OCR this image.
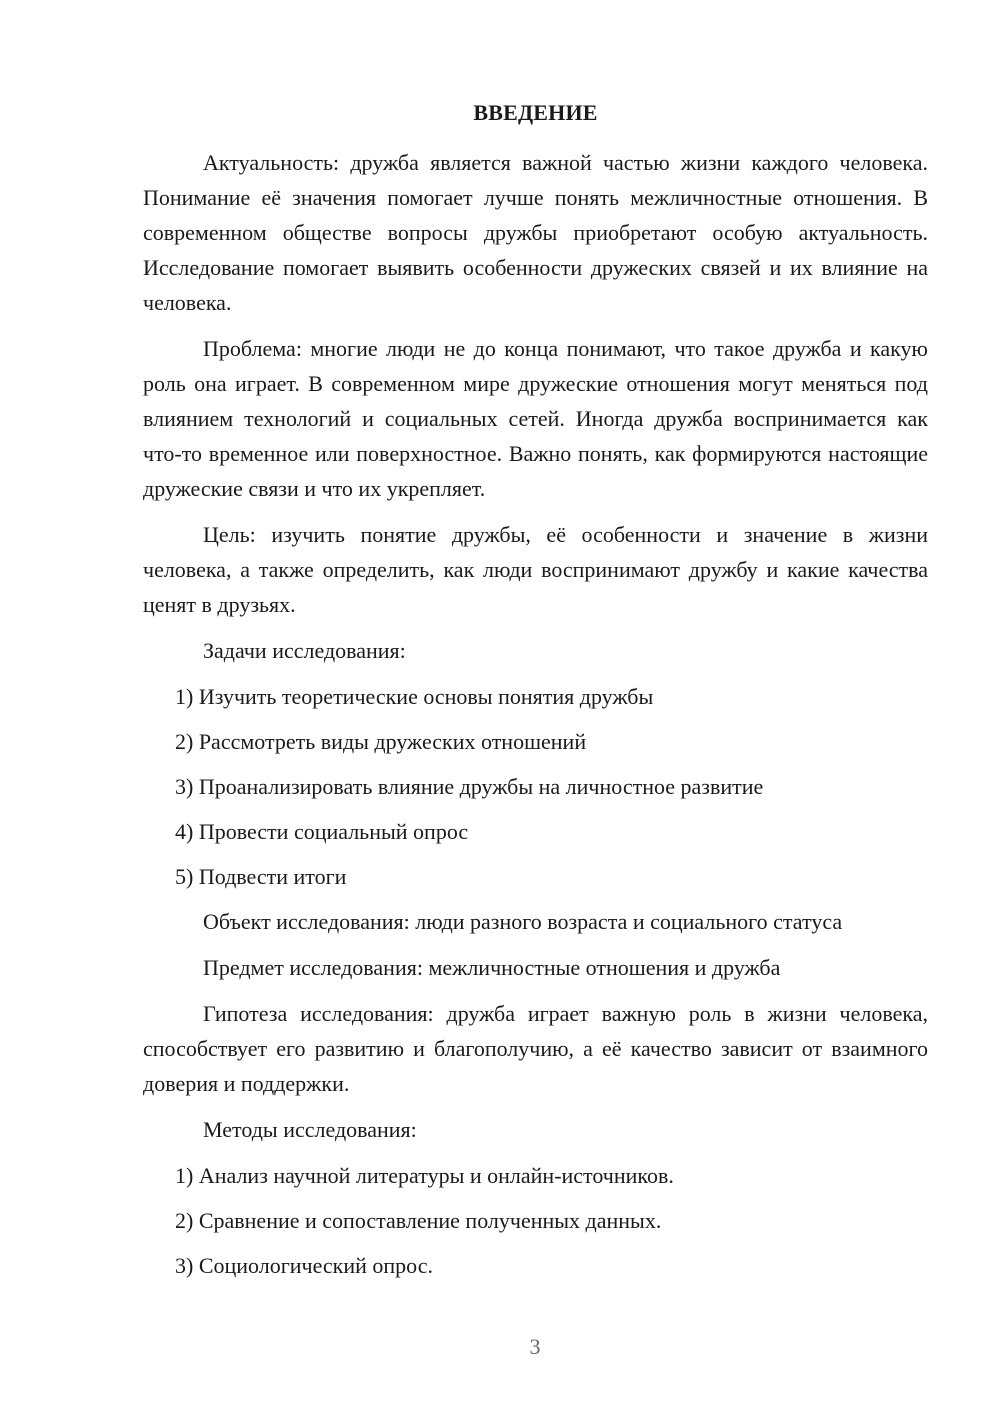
ВВЕДЕНИЕ

Актуальность: дружба является важной частью жизни каждого человека. Понимание её значения помогает лучше понять межличностные отношения. В современном обществе вопросы дружбы приобретают особую актуальность. Исследование помогает выявить особенности дружеских связей и их влияние на человека.

Проблема: многие люди не до конца понимают, что такое дружба и какую роль она играет. В современном мире дружеские отношения могут меняться под влиянием технологий и социальных сетей. Иногда дружба воспринимается как что-то временное или поверхностное. Важно понять, как формируются настоящие дружеские связи и что их укрепляет.

Цель: изучить понятие дружбы, её особенности и значение в жизни человека, а также определить, как люди воспринимают дружбу и какие качества ценят в друзьях.

Задачи исследования:

1) Изучить теоретические основы понятия дружбы
2) Рассмотреть виды дружеских отношений
3) Проанализировать влияние дружбы на личностное развитие
4) Провести социальный опрос
5) Подвести итоги

Объект исследования: люди разного возраста и социального статуса

Предмет исследования: межличностные отношения и дружба

Гипотеза исследования: дружба играет важную роль в жизни человека, способствует его развитию и благополучию, а её качество зависит от взаимного доверия и поддержки.

Методы исследования:

1) Анализ научной литературы и онлайн-источников.
2) Сравнение и сопоставление полученных данных.
3) Социологический опрос.
3
